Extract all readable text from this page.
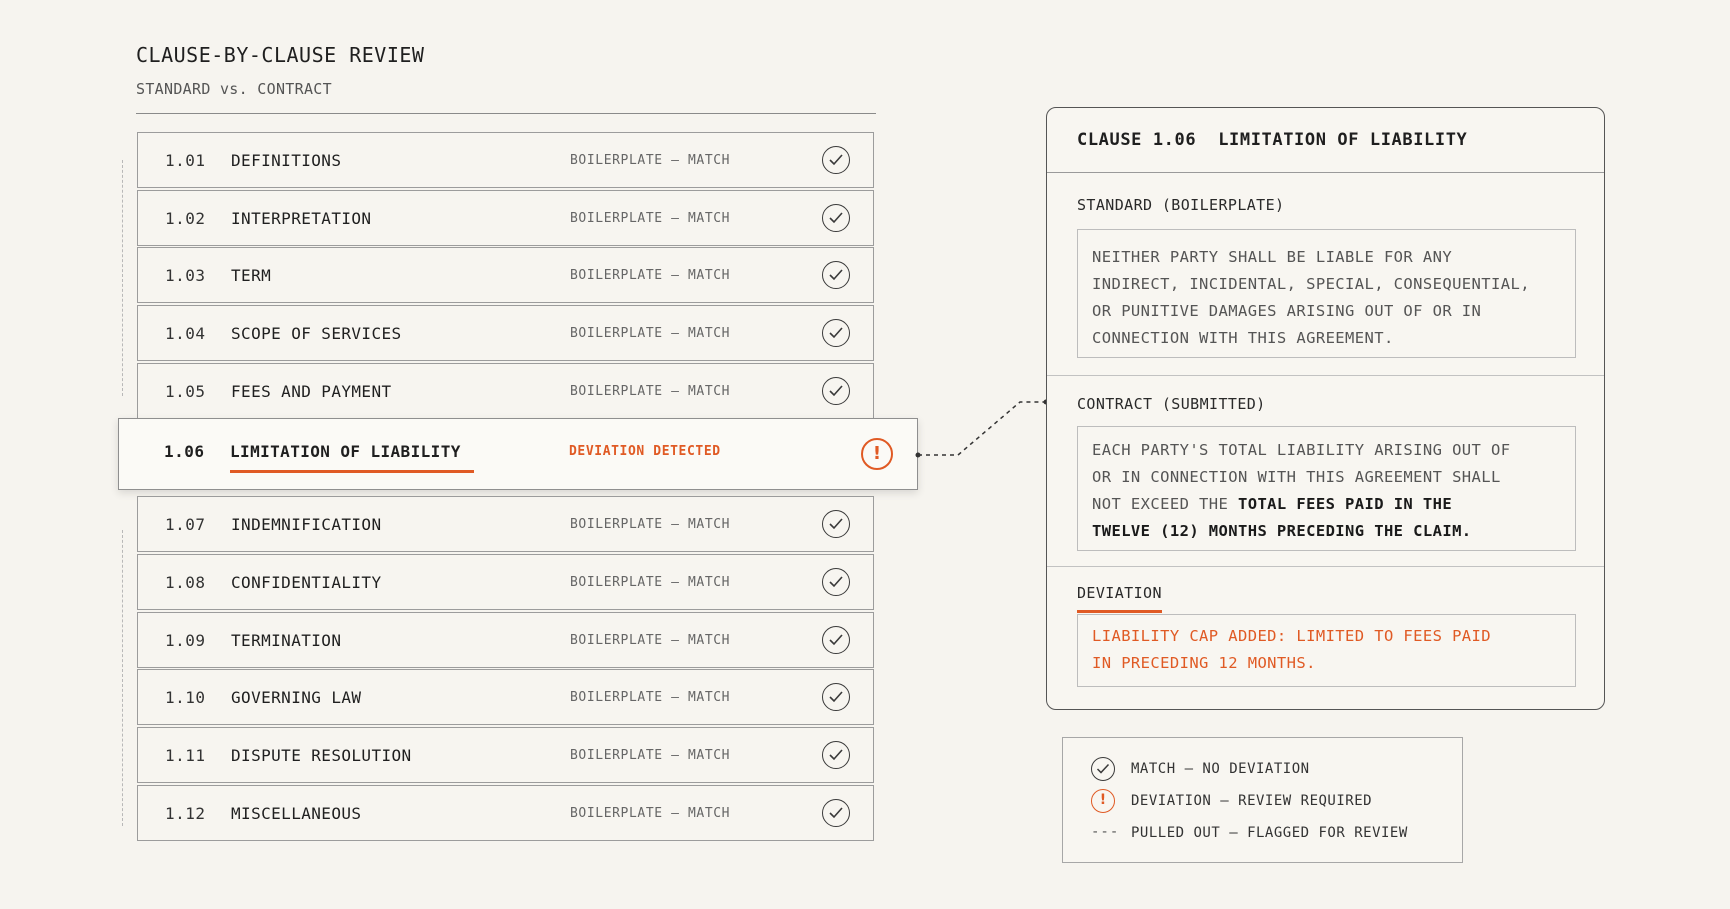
CLAUSE-BY-CLAUSE REVIEW
STANDARD vs. CONTRACT
1.01 DEFINITIONS	BOILERPLATE – MATCH
1.02 INTERPRETATION	BOILERPLATE – MATCH
1.03 TERM	BOILERPLATE – MATCH
1.04 SCOPE OF SERVICES	BOILERPLATE – MATCH
1.05 FEES AND PAYMENT	BOILERPLATE – MATCH
1.06 LIMITATION OF LIABILITY	DEVIATION DETECTED	!
1.07 INDEMNIFICATION	BOILERPLATE – MATCH
1.08 CONFIDENTIALITY	BOILERPLATE – MATCH
1.09 TERMINATION	BOILERPLATE – MATCH
1.10 GOVERNING LAW	BOILERPLATE – MATCH
1.11 DISPUTE RESOLUTION	BOILERPLATE – MATCH
1.12 MISCELLANEOUS	BOILERPLATE – MATCH
CLAUSE 1.06 LIMITATION OF LIABILITY
STANDARD (BOILERPLATE)
NEITHER PARTY SHALL BE LIABLE FOR ANY
INDIRECT, INCIDENTAL, SPECIAL, CONSEQUENTIAL,
OR PUNITIVE DAMAGES ARISING OUT OF OR IN
CONNECTION WITH THIS AGREEMENT.
CONTRACT (SUBMITTED)
EACH PARTY'S TOTAL LIABILITY ARISING OUT OF
OR IN CONNECTION WITH THIS AGREEMENT SHALL
NOT EXCEED THE TOTAL FEES PAID IN THE
TWELVE (12) MONTHS PRECEDING THE CLAIM.
DEVIATION
LIABILITY CAP ADDED: LIMITED TO FEES PAID
IN PRECEDING 12 MONTHS.
MATCH – NO DEVIATION
!	DEVIATION – REVIEW REQUIRED
--- PULLED OUT – FLAGGED FOR REVIEW
